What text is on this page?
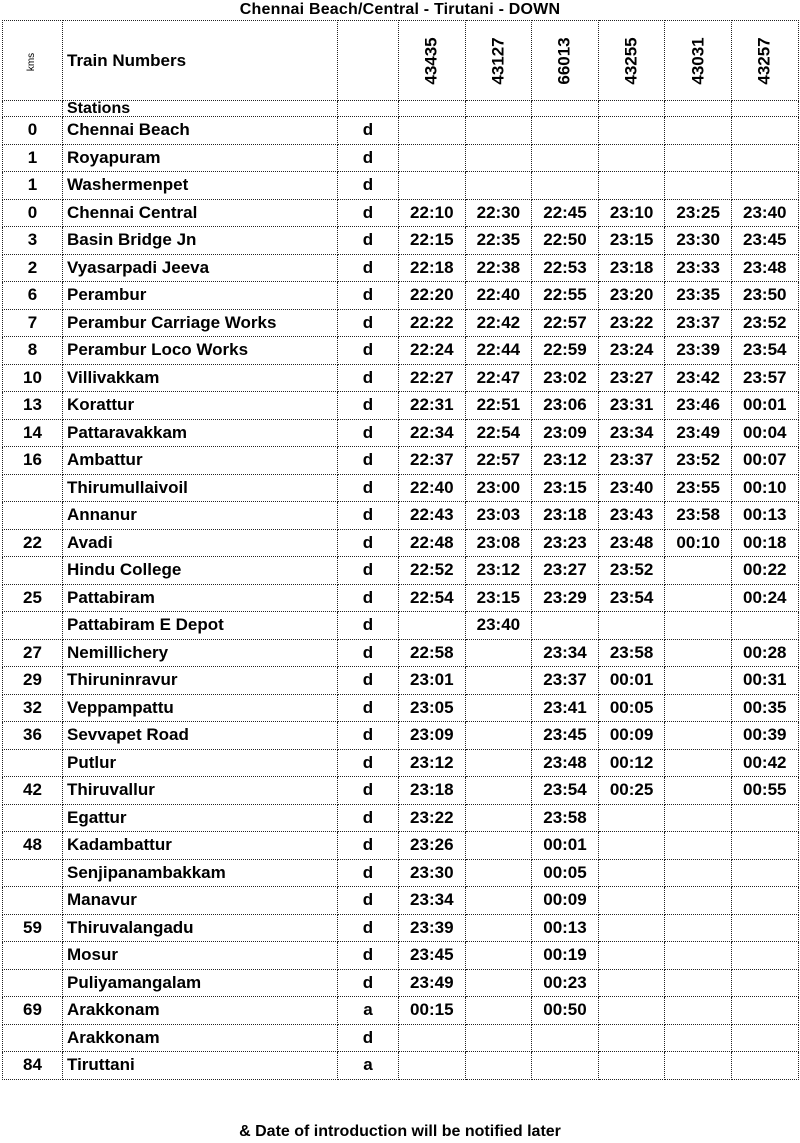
Chennai Beach/Central - Tirutani - DOWN
kms	Train Numbers		43435	43127	66013	43255	43031	43257
	Stations							
0	Chennai Beach	d						
1	Royapuram	d						
1	Washermenpet	d						
0	Chennai Central	d	22:10	22:30	22:45	23:10	23:25	23:40
3	Basin Bridge Jn	d	22:15	22:35	22:50	23:15	23:30	23:45
2	Vyasarpadi Jeeva	d	22:18	22:38	22:53	23:18	23:33	23:48
6	Perambur	d	22:20	22:40	22:55	23:20	23:35	23:50
7	Perambur Carriage Works	d	22:22	22:42	22:57	23:22	23:37	23:52
8	Perambur Loco Works	d	22:24	22:44	22:59	23:24	23:39	23:54
10	Villivakkam	d	22:27	22:47	23:02	23:27	23:42	23:57
13	Korattur	d	22:31	22:51	23:06	23:31	23:46	00:01
14	Pattaravakkam	d	22:34	22:54	23:09	23:34	23:49	00:04
16	Ambattur	d	22:37	22:57	23:12	23:37	23:52	00:07
	Thirumullaivoil	d	22:40	23:00	23:15	23:40	23:55	00:10
	Annanur	d	22:43	23:03	23:18	23:43	23:58	00:13
22	Avadi	d	22:48	23:08	23:23	23:48	00:10	00:18
	Hindu College	d	22:52	23:12	23:27	23:52		00:22
25	Pattabiram	d	22:54	23:15	23:29	23:54		00:24
	Pattabiram E Depot	d		23:40				
27	Nemillichery	d	22:58		23:34	23:58		00:28
29	Thiruninravur	d	23:01		23:37	00:01		00:31
32	Veppampattu	d	23:05		23:41	00:05		00:35
36	Sevvapet Road	d	23:09		23:45	00:09		00:39
	Putlur	d	23:12		23:48	00:12		00:42
42	Thiruvallur	d	23:18		23:54	00:25		00:55
	Egattur	d	23:22		23:58			
48	Kadambattur	d	23:26		00:01			
	Senjipanambakkam	d	23:30		00:05			
	Manavur	d	23:34		00:09			
59	Thiruvalangadu	d	23:39		00:13			
	Mosur	d	23:45		00:19			
	Puliyamangalam	d	23:49		00:23			
69	Arakkonam	a	00:15		00:50			
	Arakkonam	d						
84	Tiruttani	a						
& Date of introduction will be notified later
